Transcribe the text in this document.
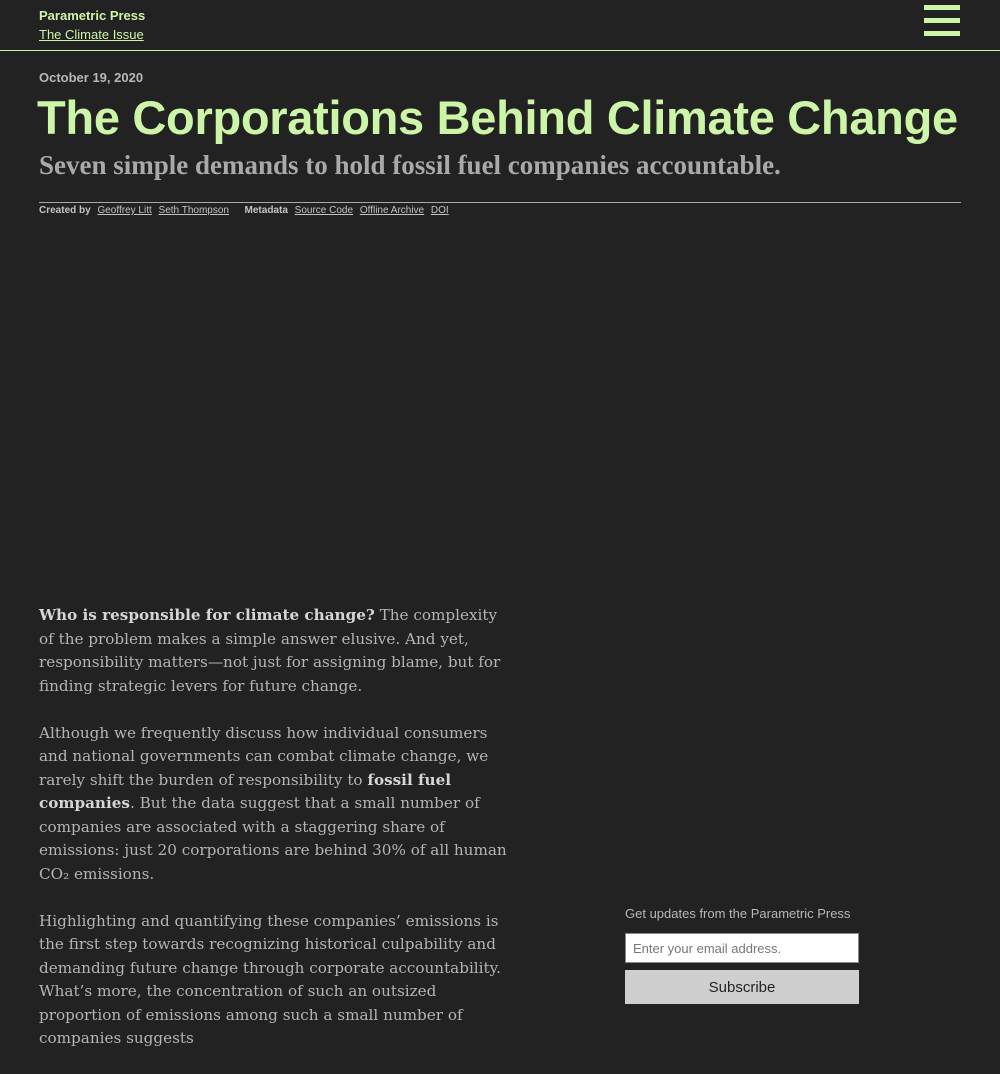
Parametric Press
The Climate Issue
October 19, 2020
The Corporations Behind Climate Change
Seven simple demands to hold fossil fuel companies accountable.
Created by Geoffrey Litt Seth Thompson Metadata Source Code Offline Archive DOI

Who is responsible for climate change? The complexity of the problem makes a simple answer elusive. And yet, responsibility matters—not just for assigning blame, but for finding strategic levers for future change.

Although we frequently discuss how individual consumers and national governments can combat climate change, we rarely shift the burden of responsibility to fossil fuel companies. But the data suggest that a small number of companies are associated with a staggering share of emissions: just 20 corporations are behind 30% of all human CO₂ emissions.

Highlighting and quantifying these companies’ emissions is the first step towards recognizing historical culpability and demanding future change through corporate accountability. What’s more, the concentration of such an outsized proportion of emissions among such a small number of companies suggests

Get updates from the Parametric Press
Enter your email address.
Subscribe
